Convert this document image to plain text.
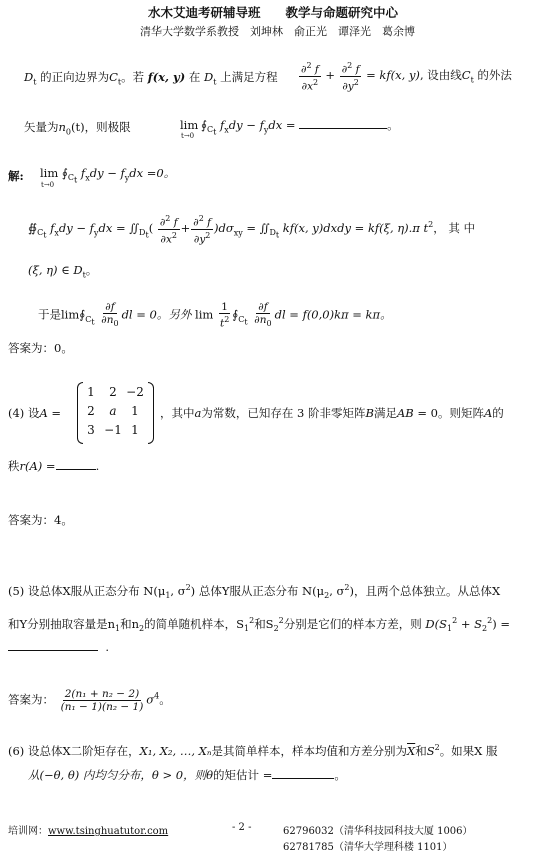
水木艾迪考研辅导班　　教学与命题研究中心
清华大学数学系教授　刘坤林　俞正光　谭泽光　葛余博
$D_t$ 的正向边界为$C_t$。若 f(x, y) 在 $D_t$ 上满足方程 $\frac{\partial^2 f}{\partial x^2} + \frac{\partial^2 f}{\partial y^2} = kf(x$, y), 设由线$C_t$ 的外法
矢量为$n_0(t)$，则极限	lim
t→0
$∮_{C_t}$ $f_xdy - f_ydx$ =	。
解: $\lim ∮_{C_t}$ $f_xdy - f_ydx =0$。
t→0
$∯_{C_t}$ $f_xdy - f_ydx$ = $∬_{D_t}( \frac{\partial^2 f}{\partial x^2} + \frac{\partial^2 f}{\partial y^2} )d\sigma_{xy}$ = $∬_{D_t}$ kf(x, y)dxdy = kf(ξ, η).π $t^2$， 其 中
(ξ, η) ∈ $D_t$。
于是$\lim∮_{C_t} \frac{\partial f}{\partial n_0}$ dl = 0。另外 $\lim \frac{1}{t^2}$ $∮_{C_t} \frac{\partial f}{\partial n_0}$ dl = f(0,0)kπ = kπ。
答案为：0。
(4) 设A =
1	2 −2
2	a	1
3 −1 1
，其中a为常数，已知存在 3 阶非零矩阵B满足AB = 0。则矩阵A的
秩r(A) =	.
答案为：4。
(5) 设总体X服从正态分布 $N(\mu_1$, $\sigma^2$) 总体Y服从正态分布 $N(\mu_2$, $\sigma^2$)，且两个总体独立。从总体X
和Y分别抽取容量是$n_1$和$n_2$的简单随机样本，$S_1^2$和$S_2^2$分别是它们的样本方差，则 $D(S_1^2 + S_2^2)$ =
.
答案为： $\frac{\text{2(n₁ + n₂ − 2)}}{\text{(n₁ − 1)(n₂ − 1)}} \sigma^4$。
(6) 设总体X二阶矩存在，X₁, X₂, …, Xₙ是其简单样本，样本均值和方差分别为$\overline{X}$和$S^2$。如果X 服
从(−θ, θ) 内均匀分布，θ > 0，则θ的矩估计 =	。
培训网：www.tsinghuatutor.com	- 2 -	62796032（清华科技园科技大厦 1006）
62781785（清华大学理科楼 1101）
